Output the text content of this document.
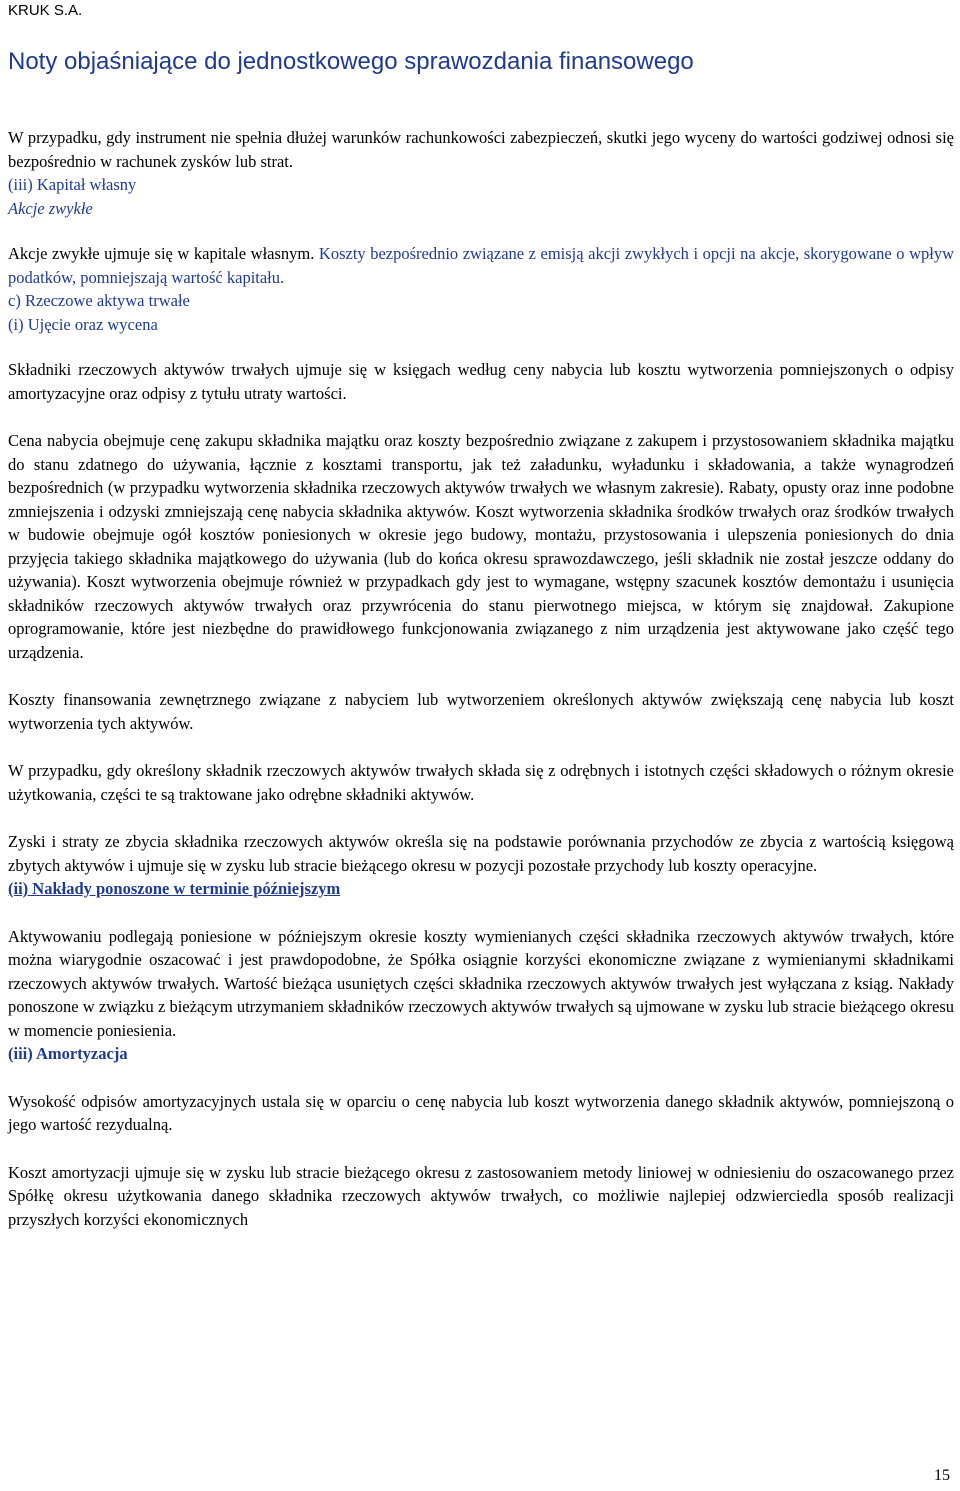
KRUK S.A.
Noty objaśniające do jednostkowego sprawozdania finansowego

W przypadku, gdy instrument nie spełnia dłużej warunków rachunkowości zabezpieczeń, skutki jego wyceny do wartości godziwej odnosi się bezpośrednio w rachunek zysków lub strat.

(iii) Kapitał własny

Akcje zwykłe

Akcje zwykłe ujmuje się w kapitale własnym. Koszty bezpośrednio związane z emisją akcji zwykłych i opcji na akcje, skorygowane o wpływ podatków, pomniejszają wartość kapitału.

c) Rzeczowe aktywa trwałe

(i) Ujęcie oraz wycena

Składniki rzeczowych aktywów trwałych ujmuje się w księgach według ceny nabycia lub kosztu wytworzenia pomniejszonych o odpisy amortyzacyjne oraz odpisy z tytułu utraty wartości.

Cena nabycia obejmuje cenę zakupu składnika majątku oraz koszty bezpośrednio związane z zakupem i przystosowaniem składnika majątku do stanu zdatnego do używania, łącznie z kosztami transportu, jak też załadunku, wyładunku i składowania, a także wynagrodzeń bezpośrednich (w przypadku wytworzenia składnika rzeczowych aktywów trwałych we własnym zakresie). Rabaty, opusty oraz inne podobne zmniejszenia i odzyski zmniejszają cenę nabycia składnika aktywów. Koszt wytworzenia składnika środków trwałych oraz środków trwałych w budowie obejmuje ogół kosztów poniesionych w okresie jego budowy, montażu, przystosowania i ulepszenia poniesionych do dnia przyjęcia takiego składnika majątkowego do używania (lub do końca okresu sprawozdawczego, jeśli składnik nie został jeszcze oddany do używania). Koszt wytworzenia obejmuje również w przypadkach gdy jest to wymagane, wstępny szacunek kosztów demontażu i usunięcia składników rzeczowych aktywów trwałych oraz przywrócenia do stanu pierwotnego miejsca, w którym się znajdował. Zakupione oprogramowanie, które jest niezbędne do prawidłowego funkcjonowania związanego z nim urządzenia jest aktywowane jako część tego urządzenia.

Koszty finansowania zewnętrznego związane z nabyciem lub wytworzeniem określonych aktywów zwiększają cenę nabycia lub koszt wytworzenia tych aktywów.

W przypadku, gdy określony składnik rzeczowych aktywów trwałych składa się z odrębnych i istotnych części składowych o różnym okresie użytkowania, części te są traktowane jako odrębne składniki aktywów.

Zyski i straty ze zbycia składnika rzeczowych aktywów określa się na podstawie porównania przychodów ze zbycia z wartością księgową zbytych aktywów i ujmuje się w zysku lub stracie bieżącego okresu w pozycji pozostałe przychody lub koszty operacyjne.

(ii) Nakłady ponoszone w terminie późniejszym

Aktywowaniu podlegają poniesione w późniejszym okresie koszty wymienianych części składnika rzeczowych aktywów trwałych, które można wiarygodnie oszacować i jest prawdopodobne, że Spółka osiągnie korzyści ekonomiczne związane z wymienianymi składnikami rzeczowych aktywów trwałych. Wartość bieżąca usuniętych części składnika rzeczowych aktywów trwałych jest wyłączana z ksiąg. Nakłady ponoszone w związku z bieżącym utrzymaniem składników rzeczowych aktywów trwałych są ujmowane w zysku lub stracie bieżącego okresu w momencie poniesienia.

(iii) Amortyzacja

Wysokość odpisów amortyzacyjnych ustala się w oparciu o cenę nabycia lub koszt wytworzenia danego składnik aktywów, pomniejszoną o jego wartość rezydualną.

Koszt amortyzacji ujmuje się w zysku lub stracie bieżącego okresu z zastosowaniem metody liniowej w odniesieniu do oszacowanego przez Spółkę okresu użytkowania danego składnika rzeczowych aktywów trwałych, co możliwie najlepiej odzwierciedla sposób realizacji przyszłych korzyści ekonomicznych

15
